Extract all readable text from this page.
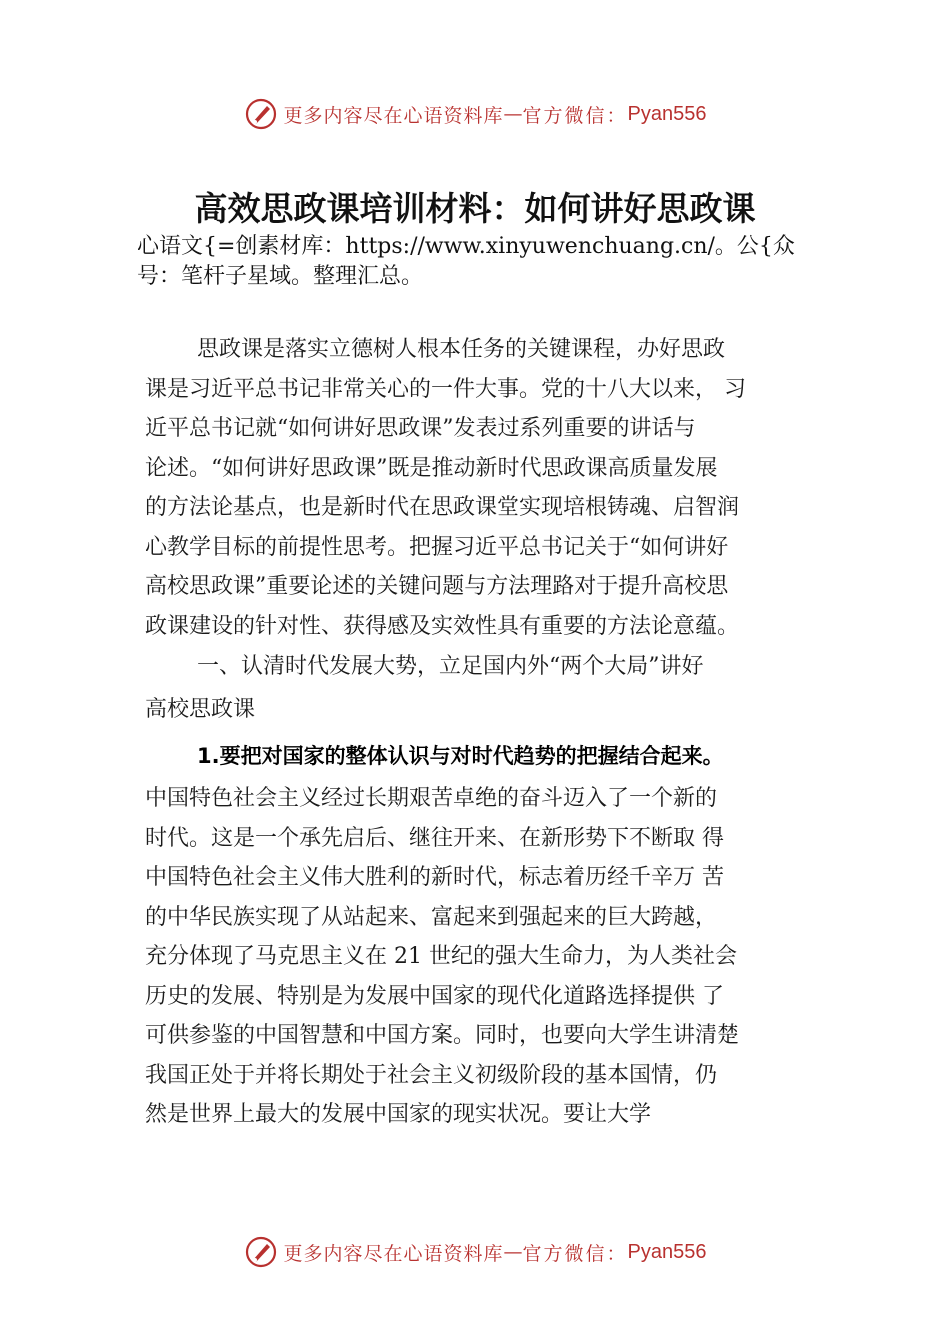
更多内容尽在心语资料库 — 官方微信： Pyan556
高效思政课培训材料：如何讲好思政课
心语文{=创素材库：https://www.xinyuwenchuang.cn/。公{众
号：笔杆子星域。整理汇总。
思政课是落实立德树人根本任务的关键课程，办好思政
课是习近平总书记非常关心的一件大事。党的十八大以来， 习
近平总书记就“如何讲好思政课”发表过系列重要的讲话与
论述。“如何讲好思政课”既是推动新时代思政课高质量发展
的方法论基点，也是新时代在思政课堂实现培根铸魂、启智润
心教学目标的前提性思考。把握习近平总书记关于“如何讲好
高校思政课”重要论述的关键问题与方法理路对于提升高校思
政课建设的针对性、获得感及实效性具有重要的方法论意蕴。
一、认清时代发展大势，立足国内外“两个大局”讲好
高校思政课
1.要把对国家的整体认识与对时代趋势的把握结合起来。
中国特色社会主义经过长期艰苦卓绝的奋斗迈入了一个新的
时代。这是一个承先启后、继往开来、在新形势下不断取 得
中国特色社会主义伟大胜利的新时代，标志着历经千辛万 苦
的中华民族实现了从站起来、富起来到强起来的巨大跨越，
充分体现了马克思主义在 21 世纪的强大生命力，为人类社会
历史的发展、特别是为发展中国家的现代化道路选择提供 了
可供参鉴的中国智慧和中国方案。同时，也要向大学生讲清楚
我国正处于并将长期处于社会主义初级阶段的基本国情，仍
然是世界上最大的发展中国家的现实状况。要让大学
更多内容尽在心语资料库 — 官方微信： Pyan556
